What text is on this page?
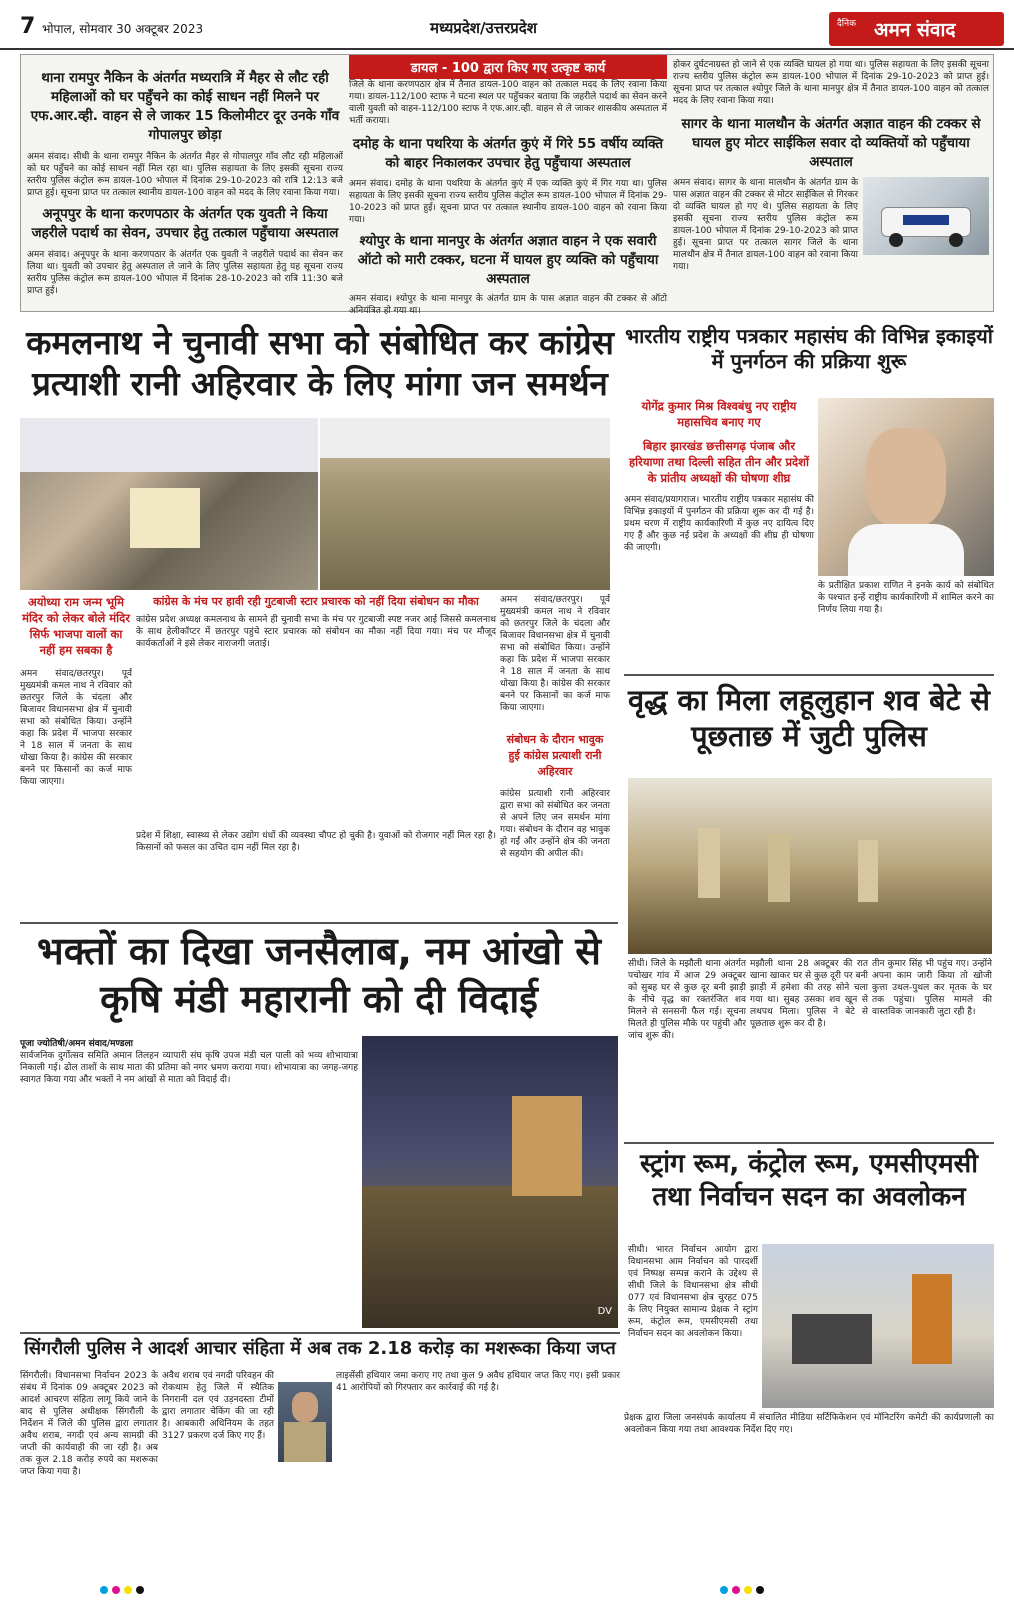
7 भोपाल, सोमवार 30 अक्टूबर 2023	मध्यप्रदेश/उत्तरप्रदेश	दैनिक अमन संवाद
डायल - 100 द्वारा किए गए उत्कृष्ट कार्य
थाना रामपुर नैकिन के अंतर्गत मध्यरात्रि में मैहर से लौट रही महिलाओं को घर पहुँचने का कोई साधन नहीं मिलने पर एफ.आर.व्ही. वाहन से ले जाकर 15 किलोमीटर दूर उनके गाँव गोपालपुर छोड़ा
अमन संवाद। सीधी के थाना रामपुर नैकिन के अंतर्गत मैहर से गोपालपुर गाँव लौट रही महिलाओं को घर पहुँचने का कोई साधन नहीं मिल रहा था। पुलिस सहायता के लिए इसकी सूचना राज्य स्तरीय पुलिस कंट्रोल रूम डायल-100 भोपाल में दिनांक 29-10-2023 को रात्रि 12:13 बजे प्राप्त हुई। सूचना प्राप्त पर तत्काल स्थानीय डायल-100 वाहन को मदद के लिए रवाना किया गया।
अनूपपुर के थाना करणपठार के अंतर्गत एक युवती ने किया जहरीले पदार्थ का सेवन, उपचार हेतु तत्काल पहुँचाया अस्पताल
अमन संवाद। अनूपपुर के थाना करणपठार के अंतर्गत एक युवती ने जहरीले पदार्थ का सेवन कर लिया था। युवती को उपचार हेतु अस्पताल ले जाने के लिए पुलिस सहायता हेतु यह सूचना राज्य स्तरीय पुलिस कंट्रोल रूम डायल-100 भोपाल में दिनांक 28-10-2023 को रात्रि 11:30 बजे प्राप्त हुई।
जिले के थाना करणपठार क्षेत्र में तैनात डायल-100 वाहन को तत्काल मदद के लिए रवाना किया गया। डायल-112/100 स्टाफ ने घटना स्थल पर पहुँचकर बताया कि जहरीले पदार्थ का सेवन करने वाली युवती को वाहन-112/100 स्टाफ ने एफ.आर.व्ही. वाहन से ले जाकर शासकीय अस्पताल में भर्ती कराया।
दमोह के थाना पथरिया के अंतर्गत कुएं में गिरे 55 वर्षीय व्यक्ति को बाहर निकालकर उपचार हेतु पहुँचाया अस्पताल
अमन संवाद। दमोह के थाना पथरिया के अंतर्गत कुएं में एक व्यक्ति कुएं में गिर गया था। पुलिस सहायता के लिए इसकी सूचना राज्य स्तरीय पुलिस कंट्रोल रूम डायल-100 भोपाल में दिनांक 29-10-2023 को प्राप्त हुई। सूचना प्राप्त पर तत्काल स्थानीय डायल-100 वाहन को रवाना किया गया।
श्योपुर के थाना मानपुर के अंतर्गत अज्ञात वाहन ने एक सवारी ऑटो को मारी टक्कर, घटना में घायल हुए व्यक्ति को पहुँचाया अस्पताल
अमन संवाद। श्योपुर के थाना मानपुर के अंतर्गत ग्राम के पास अज्ञात वाहन की टक्कर से ऑटो अनियंत्रित हो गया था।
होकर दुर्घटनाग्रस्त हो जाने से एक व्यक्ति घायल हो गया था। पुलिस सहायता के लिए इसकी सूचना राज्य स्तरीय पुलिस कंट्रोल रूम डायल-100 भोपाल में दिनांक 29-10-2023 को प्राप्त हुई। सूचना प्राप्त पर तत्काल श्योपुर जिले के थाना मानपुर क्षेत्र में तैनात डायल-100 वाहन को तत्काल मदद के लिए रवाना किया गया।
सागर के थाना मालथौन के अंतर्गत अज्ञात वाहन की टक्कर से घायल हुए मोटर साईकिल सवार दो व्यक्तियों को पहुँचाया अस्पताल
अमन संवाद। सागर के थाना मालथौन के अंतर्गत ग्राम के पास अज्ञात वाहन की टक्कर से मोटर साईकिल से गिरकर दो व्यक्ति घायल हो गए थे। पुलिस सहायता के लिए इसकी सूचना राज्य स्तरीय पुलिस कंट्रोल रूम डायल-100 भोपाल में दिनांक 29-10-2023 को प्राप्त हुई। सूचना प्राप्त पर तत्काल सागर जिले के थाना मालथौन क्षेत्र में तैनात डायल-100 वाहन को रवाना किया गया।
कमलनाथ ने चुनावी सभा को संबोधित कर कांग्रेस प्रत्याशी रानी अहिरवार के लिए मांगा जन समर्थन
भारतीय राष्ट्रीय पत्रकार महासंघ की विभिन्न इकाइयों में पुनर्गठन की प्रक्रिया शुरू
योगेंद्र कुमार मिश्र विश्वबंधु नए राष्ट्रीय महासचिव बनाए गए
बिहार झारखंड छत्तीसगढ़ पंजाब और हरियाणा तथा दिल्ली सहित तीन और प्रदेशों के प्रांतीय अध्यक्षों की घोषणा शीघ्र
अमन संवाद/प्रयागराज। भारतीय राष्ट्रीय पत्रकार महासंघ की विभिन्न इकाइयों में पुनर्गठन की प्रक्रिया शुरू कर दी गई है। प्रथम चरण में राष्ट्रीय कार्यकारिणी में कुछ नए दायित्व दिए गए हैं और कुछ नई प्रदेश के अध्यक्षों की शीघ्र ही घोषणा की जाएगी।
के प्रतीक्षित प्रकाश राणित ने इनके कार्य को संबोधित के पश्चात इन्हें राष्ट्रीय कार्यकारिणी में शामिल करने का निर्णय लिया गया है।
अयोध्या राम जन्म भूमि मंदिर को लेकर बोले मंदिर सिर्फ भाजपा वालों का नहीं हम सबका है
अमन संवाद/छतरपुर। पूर्व मुख्यमंत्री कमल नाथ ने रविवार को छतरपुर जिले के चंदला और बिजावर विधानसभा क्षेत्र में चुनावी सभा को संबोधित किया। उन्होंने कहा कि प्रदेश में भाजपा सरकार ने 18 साल में जनता के साथ धोखा किया है। कांग्रेस की सरकार बनने पर किसानों का कर्ज माफ किया जाएगा।
कांग्रेस के मंच पर हावी रही गुटबाजी स्टार प्रचारक को नहीं दिया संबोधन का मौका
कांग्रेस प्रदेश अध्यक्ष कमलनाथ के सामने ही चुनावी सभा के मंच पर गुटबाजी स्पष्ट नजर आई जिससे कमलनाथ के साथ हेलीकॉप्टर में छतरपुर पहुंचे स्टार प्रचारक को संबोधन का मौका नहीं दिया गया। मंच पर मौजूद कार्यकर्ताओं ने इसे लेकर नाराजगी जताई।
प्रदेश में शिक्षा, स्वास्थ्य से लेकर उद्योग धंधों की व्यवस्था चौपट हो चुकी है। युवाओं को रोजगार नहीं मिल रहा है। किसानों को फसल का उचित दाम नहीं मिल रहा है।
संबोधन के दौरान भावुक हुई कांग्रेस प्रत्याशी रानी अहिरवार
अमन संवाद/छतरपुर। पूर्व मुख्यमंत्री कमल नाथ ने रविवार को छतरपुर जिले के चंदला और बिजावर विधानसभा क्षेत्र में चुनावी सभा को संबोधित किया। उन्होंने कहा कि प्रदेश में भाजपा सरकार ने 18 साल में जनता के साथ धोखा किया है। कांग्रेस की सरकार बनने पर किसानों का कर्ज माफ किया जाएगा।
कांग्रेस प्रत्याशी रानी अहिरवार द्वारा सभा को संबोधित कर जनता से अपने लिए जन समर्थन मांगा गया। संबोधन के दौरान वह भावुक हो गईं और उन्होंने क्षेत्र की जनता से सहयोग की अपील की।
वृद्ध का मिला लहूलुहान शव बेटे से पूछताछ में जुटी पुलिस
सीधी। जिले के मझौली थाना अंतर्गत पचोखर गांव में आज 29 अक्टूबर को सुबह घर से कुछ दूर बनी झाड़ी के नीचे वृद्ध का रक्तरंजित शव मिलने से सनसनी फैल गई। सूचना मिलते ही पुलिस मौके पर पहुंची और जांच शुरू की।
मझौली थाना 28 अक्टूबर की रात खाना खाकर घर से कुछ दूरी पर बनी झाड़ी में हमेशा की तरह सोने चला गया था। सुबह उसका शव खून से लथपथ मिला। पुलिस ने बेटे से पूछताछ शुरू कर दी है।
तीन कुमार सिंह भी पहुंच गए। उन्होंने अपना काम जारी किया तो खोजी कुत्ता उथल-पुथल कर मृतक के घर तक पहुंचा। पुलिस मामले की वास्तविक जानकारी जुटा रही है।
भक्तों का दिखा जनसैलाब, नम आंखो से कृषि मंडी महारानी को दी विदाई
पूजा ज्योतिषी/अमन संवाद/मण्डला
सार्वजनिक दुर्गोत्सव समिति अमान तिलहन व्यापारी संघ कृषि उपज मंडी चल पाली को भव्य शोभायात्रा निकाली गई। ढोल ताशों के साथ माता की प्रतिमा को नगर भ्रमण कराया गया। शोभायात्रा का जगह-जगह स्वागत किया गया और भक्तों ने नम आंखों से माता को विदाई दी।
DV
स्ट्रांग रूम, कंट्रोल रूम, एमसीएमसी तथा निर्वाचन सदन का अवलोकन
सीधी। भारत निर्वाचन आयोग द्वारा विधानसभा आम निर्वाचन को पारदर्शी एवं निष्पक्ष सम्पन्न कराने के उद्देश्य से सीधी जिले के विधानसभा क्षेत्र सीधी 077 एवं विधानसभा क्षेत्र चुरहट 075 के लिए नियुक्त सामान्य प्रेक्षक ने स्ट्रांग रूम, कंट्रोल रूम, एमसीएमसी तथा निर्वाचन सदन का अवलोकन किया।
सिंगरौली पुलिस ने आदर्श आचार संहिता में अब तक 2.18 करोड़ का मशरूका किया जप्त
सिंगरौली। विधानसभा निर्वाचन 2023 के संबंध में दिनांक 09 अक्टूबर 2023 को आदर्श आचरण संहिता लागू किये जाने के बाद से पुलिस अधीक्षक सिंगरौली के निर्देशन में जिले की पुलिस द्वारा लगातार अवैध शराब, नगदी एवं अन्य सामग्री की जप्ती की कार्यवाही की जा रही है। अब तक कुल 2.18 करोड़ रुपये का मशरूका जप्त किया गया है।
अवैध शराब एवं नगदी परिवहन की रोकथाम हेतु जिले में स्थैतिक निगरानी दल एवं उड़नदस्ता टीमों द्वारा लगातार चेकिंग की जा रही है। आबकारी अधिनियम के तहत 3127 प्रकरण दर्ज किए गए हैं।
लाइसेंसी हथियार जमा कराए गए तथा कुल 9 अवैध हथियार जप्त किए गए। इसी प्रकार 41 आरोपियों को गिरफ्तार कर कार्रवाई की गई है।
प्रेक्षक द्वारा जिला जनसंपर्क कार्यालय में संचालित मीडिया सर्टिफिकेशन एवं मॉनिटरिंग कमेटी की कार्यप्रणाली का अवलोकन किया गया तथा आवश्यक निर्देश दिए गए।
